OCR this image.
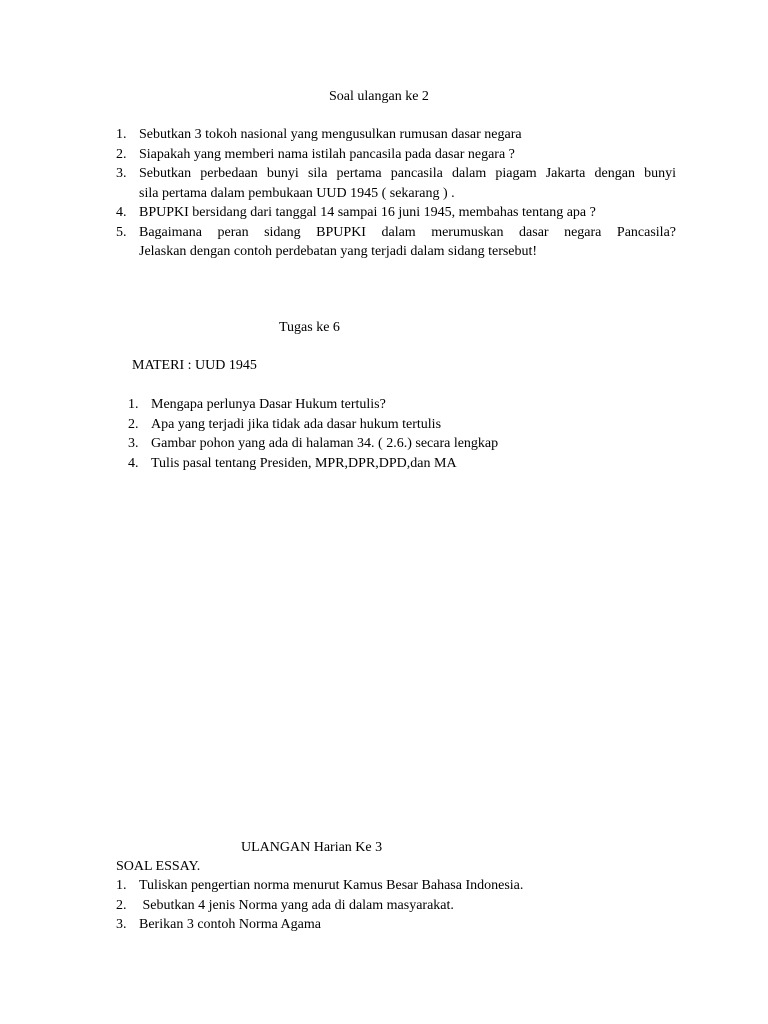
Soal ulangan ke 2
1. Sebutkan 3 tokoh nasional yang mengusulkan rumusan dasar negara
2. Siapakah yang memberi nama istilah pancasila pada dasar negara ?
3. Sebutkan perbedaan bunyi sila pertama pancasila dalam piagam Jakarta dengan bunyi
sila pertama dalam pembukaan UUD 1945 ( sekarang ) .
4. BPUPKI bersidang dari tanggal 14 sampai 16 juni 1945, membahas tentang apa ?
5. Bagaimana peran sidang BPUPKI dalam merumuskan dasar negara Pancasila?
Jelaskan dengan contoh perdebatan yang terjadi dalam sidang tersebut!
Tugas ke 6
MATERI : UUD 1945
1. Mengapa perlunya Dasar Hukum tertulis?
2. Apa yang terjadi jika tidak ada dasar hukum tertulis
3. Gambar pohon yang ada di halaman 34. ( 2.6.) secara lengkap
4. Tulis pasal tentang Presiden, MPR,DPR,DPD,dan MA
ULANGAN Harian Ke 3
SOAL ESSAY.
1. Tuliskan pengertian norma menurut Kamus Besar Bahasa Indonesia.
2. Sebutkan 4 jenis Norma yang ada di dalam masyarakat.
3. Berikan 3 contoh Norma Agama
